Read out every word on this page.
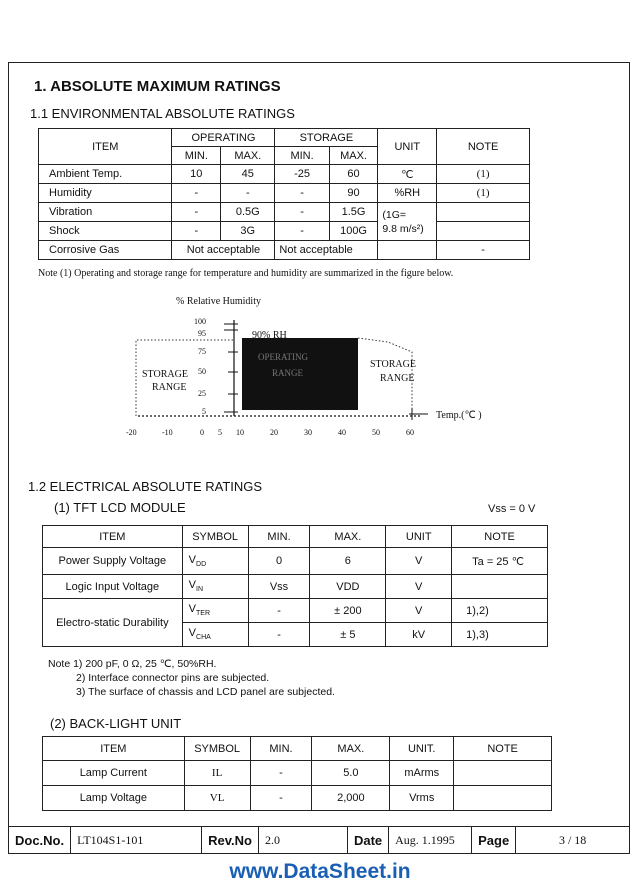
1. ABSOLUTE MAXIMUM RATINGS
1.1 ENVIRONMENTAL ABSOLUTE RATINGS
ITEM	OPERATING		STORAGE		UNIT	NOTE
	MIN.	MAX.	MIN.	MAX.		
Ambient Temp.	10	45	-25	60	℃	(1)
Humidity	-	-	-	90	%RH	(1)
Vibration	-	0.5G	-	1.5G	(1G=
9.8 m/s²)	

Shock	-	3G	-	100G		
Corrosive Gas	Not acceptable		Not acceptable			-
Note (1) Operating and storage range for temperature and humidity are summarized in the figure below.
% Relative Humidity
100
95
75
50
25
5
90% RH
OPERATING
RANGE
STORAGE
RANGE
STORAGE
RANGE
Temp.(℃ )
-20	-10	0 5 10	20	30	40	50	60
1.2 ELECTRICAL ABSOLUTE RATINGS
(1) TFT LCD MODULE	Vss = 0 V
ITEM	SYMBOL	MIN.	MAX.	UNIT	NOTE
Power Supply Voltage	$V_{DD}$	0	6	V	Ta = 25 ℃
Logic Input Voltage	$V_{IN}$	Vss	VDD	V	
Electro-static Durability	$V_{TER}$	-	± 200	V	1),2)
	$V_{CHA}$	-	± 5	kV	1),3)
Note 1) 200 pF, 0 Ω, 25 ℃, 50%RH.
2) Interface connector pins are subjected.
3) The surface of chassis and LCD panel are subjected.
(2) BACK-LIGHT UNIT
ITEM	SYMBOL	MIN.	MAX.	UNIT.	NOTE
Lamp Current	IL	-	5.0	mArms	
Lamp Voltage	VL	-	2,000	Vrms	
Doc.No.	LT104S1-101	Rev.No	2.0	Date	Aug. 1.1995	Page	3 / 18
www.DataSheet.in
